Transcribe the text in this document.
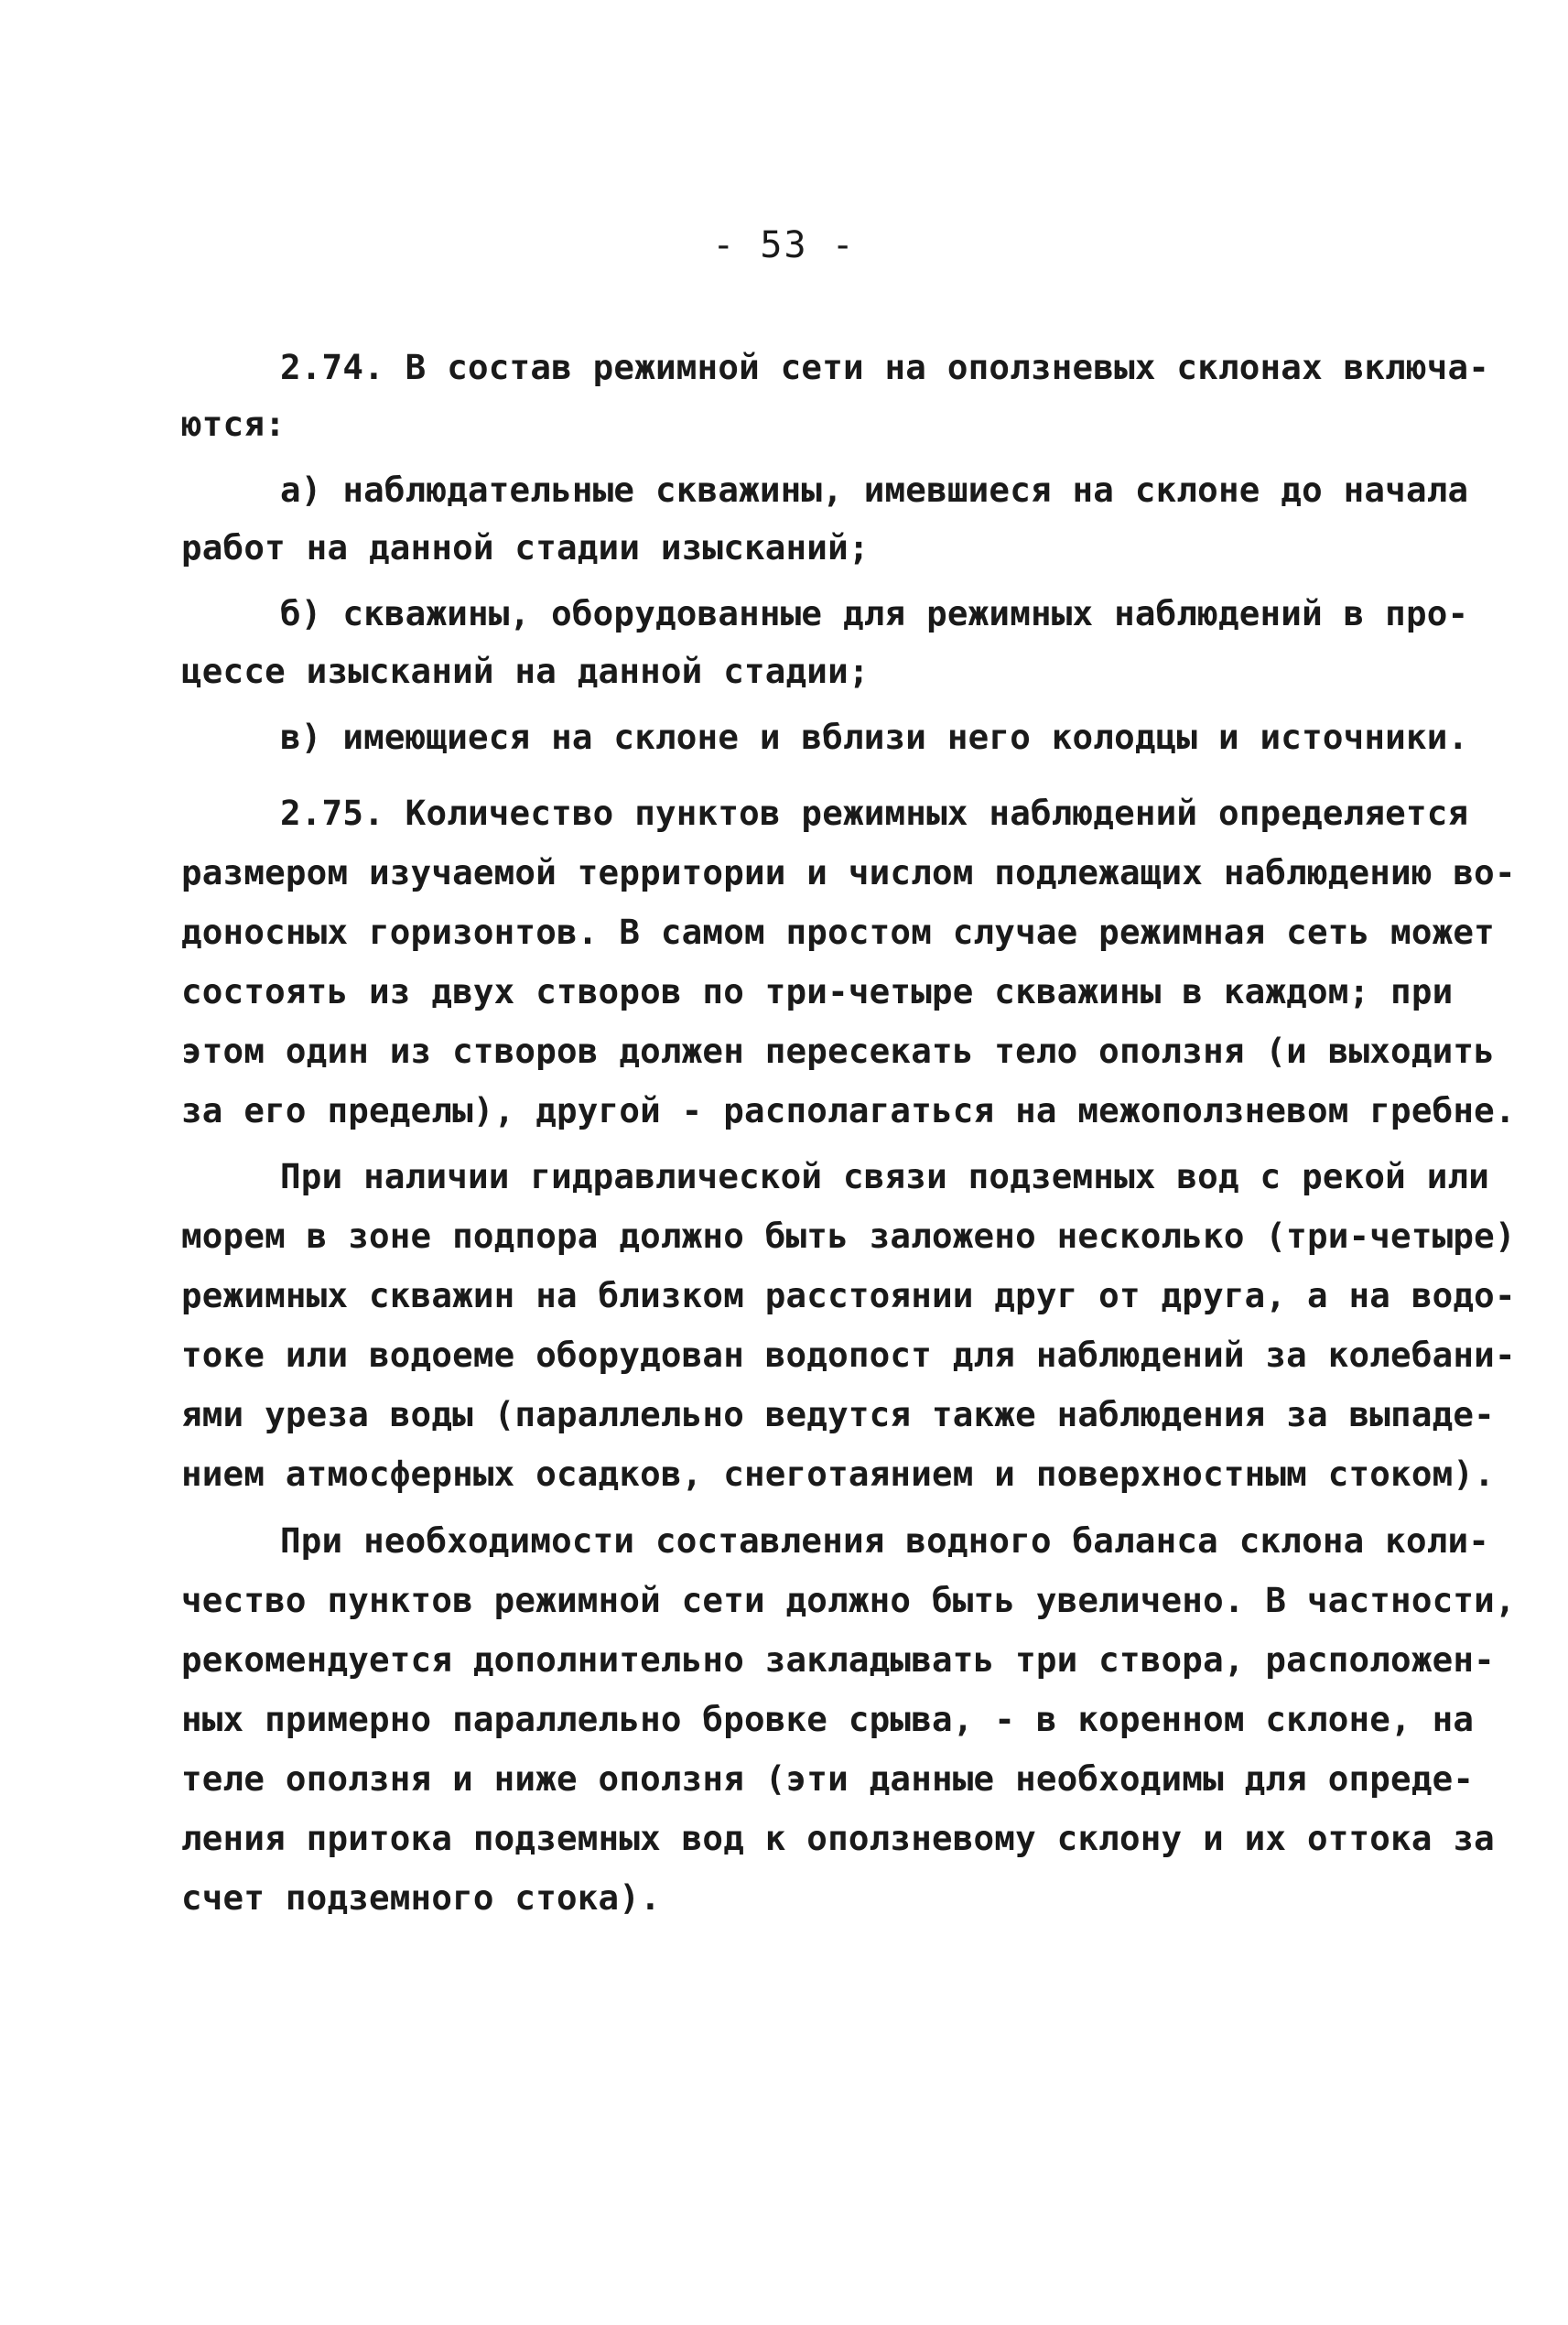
- 53 -
2.74. В состав режимной сети на оползневых склонах включа-
ются:
а) наблюдательные скважины, имевшиеся на склоне до начала
работ на данной стадии изысканий;
б) скважины, оборудованные для режимных наблюдений в про-
цессе изысканий на данной стадии;
в) имеющиеся на склоне и вблизи него колодцы и источники.
2.75. Количество пунктов режимных наблюдений определяется
размером изучаемой территории и числом подлежащих наблюдению во-
доносных горизонтов. В самом простом случае режимная сеть может
состоять из двух створов по три-четыре скважины в каждом; при
этом один из створов должен пересекать тело оползня (и выходить
за его пределы), другой - располагаться на межоползневом гребне.
При наличии гидравлической связи подземных вод с рекой или
морем в зоне подпора должно быть заложено несколько (три-четыре)
режимных скважин на близком расстоянии друг от друга, а на водо-
токе или водоеме оборудован водопост для наблюдений за колебани-
ями уреза воды (параллельно ведутся также наблюдения за выпаде-
нием атмосферных осадков, снеготаянием и поверхностным стоком).
При необходимости составления водного баланса склона коли-
чество пунктов режимной сети должно быть увеличено. В частности,
рекомендуется дополнительно закладывать три створа, расположен-
ных примерно параллельно бровке срыва, - в коренном склоне, на
теле оползня и ниже оползня (эти данные необходимы для опреде-
ления притока подземных вод к оползневому склону и их оттока за
счет подземного стока).
